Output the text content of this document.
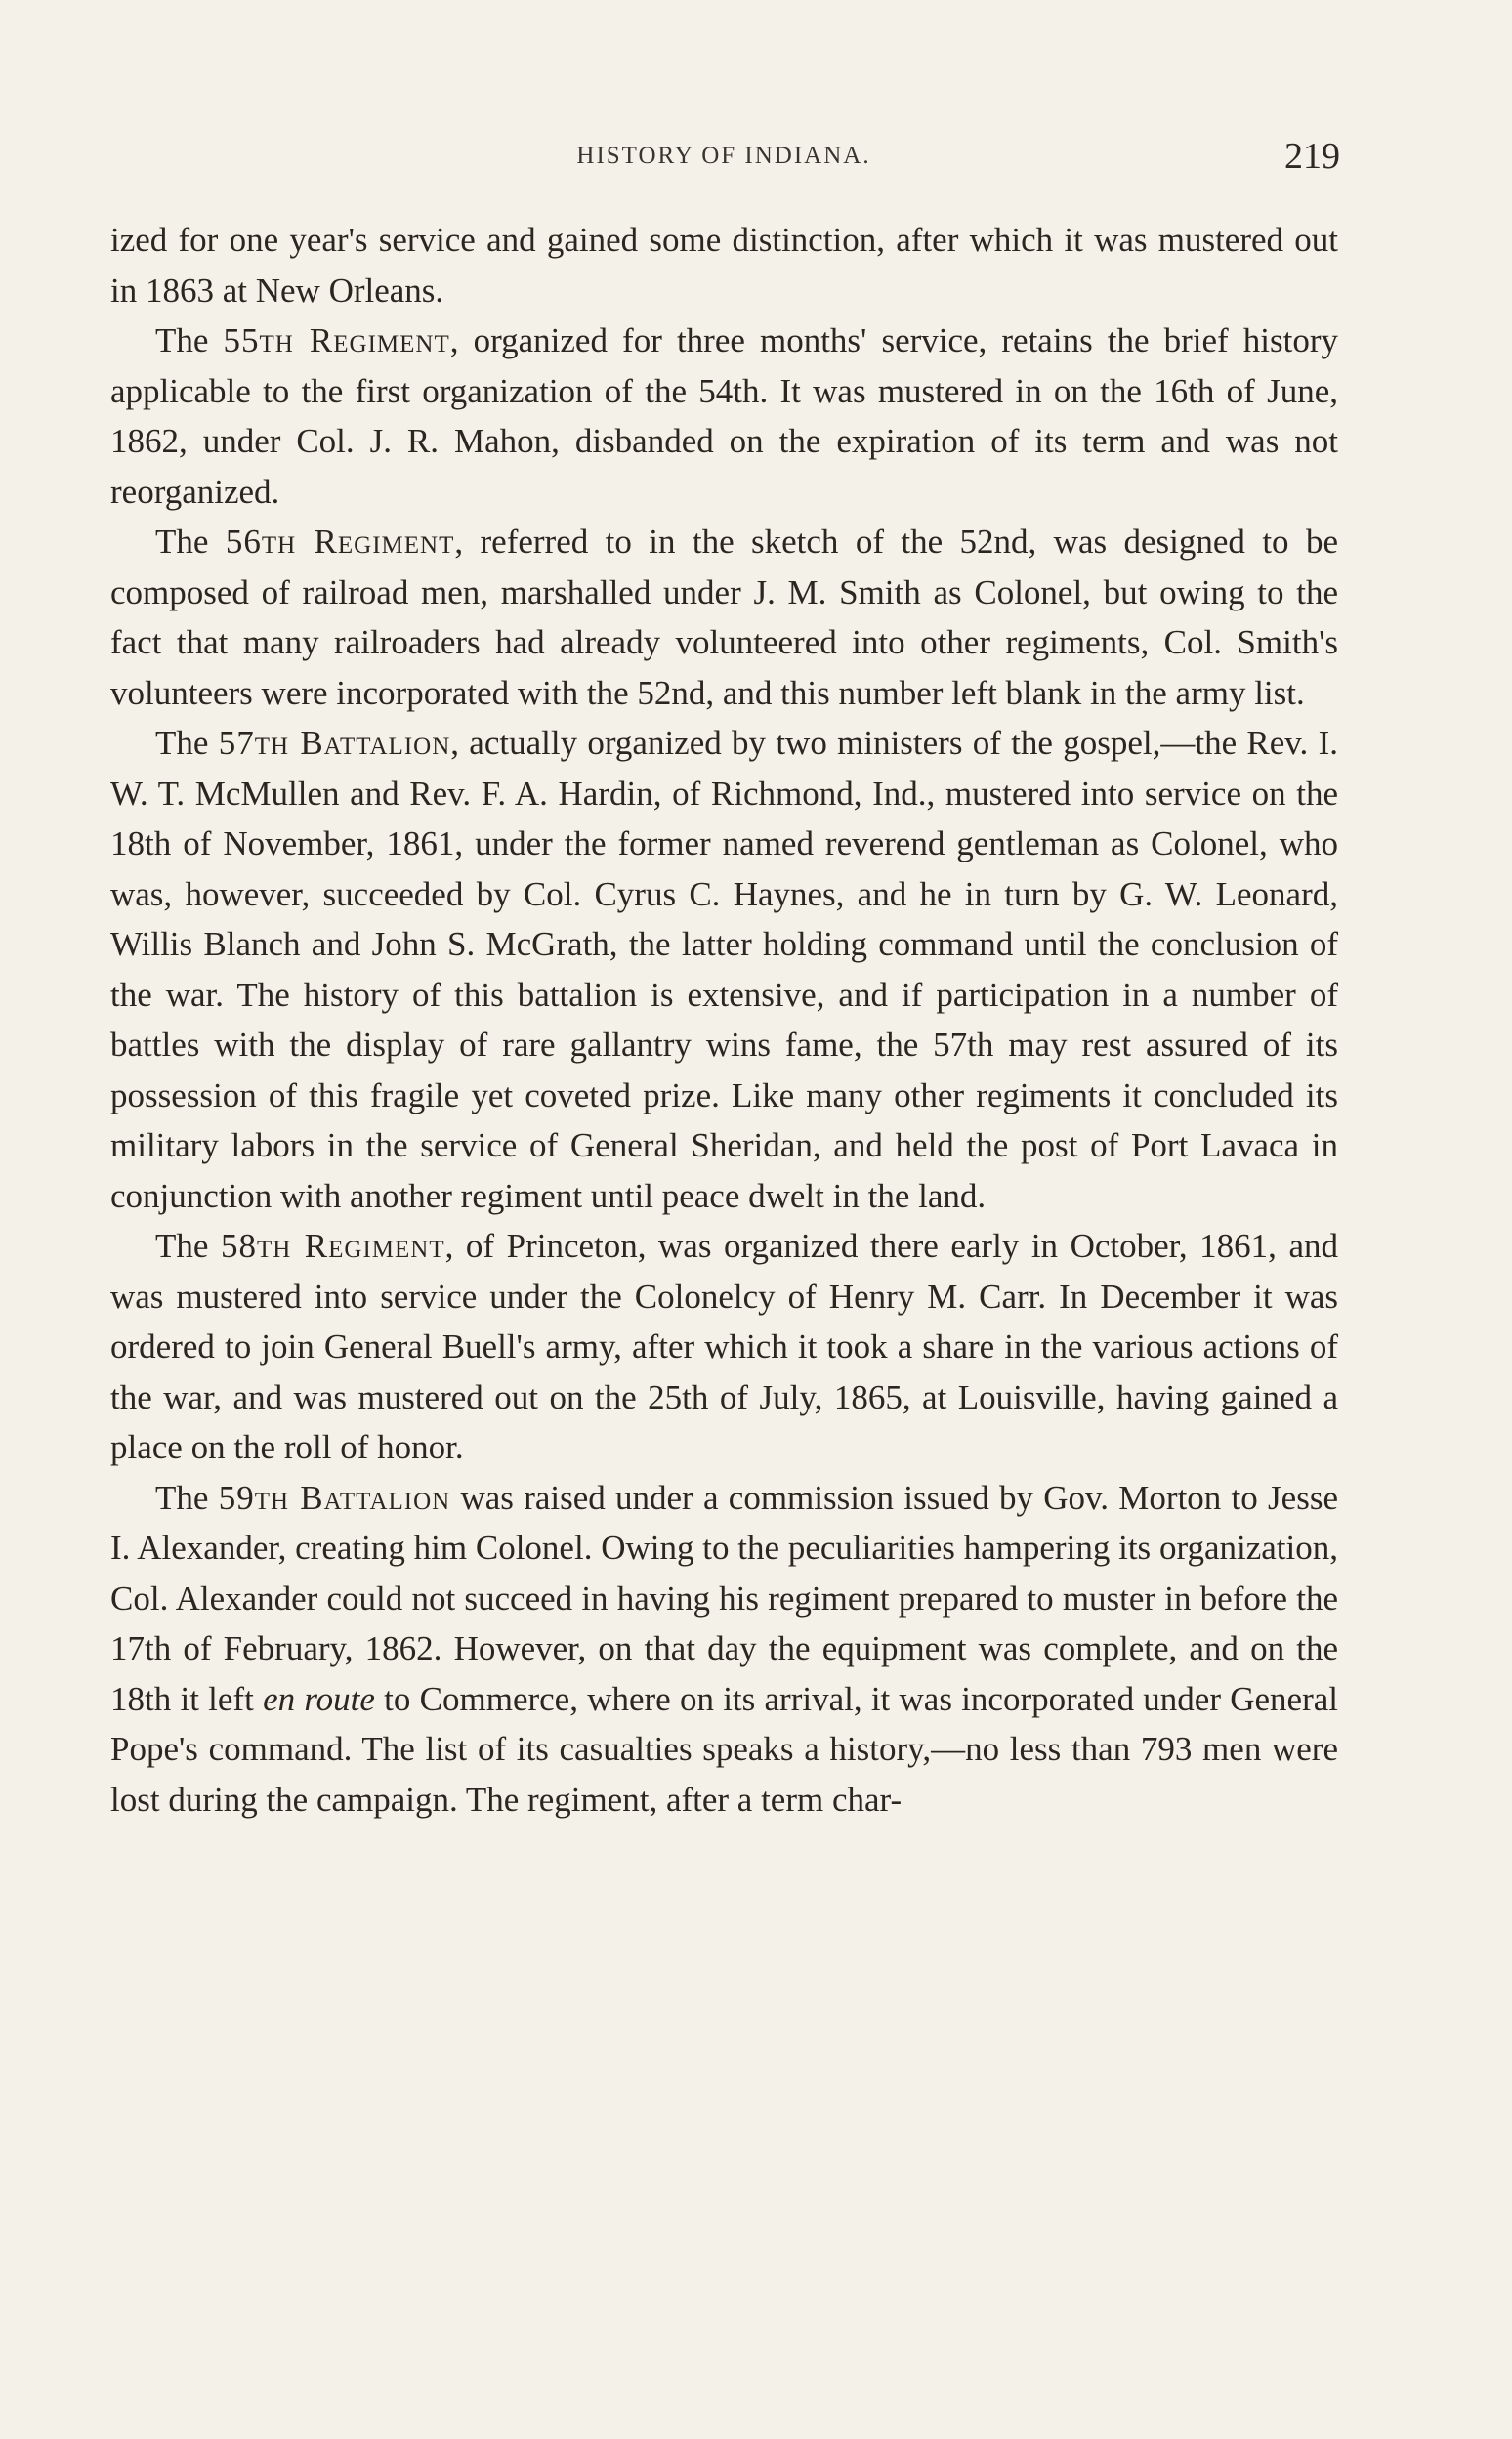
HISTORY OF INDIANA.	219

ized for one year's service and gained some distinction, after which it was mustered out in 1863 at New Orleans.

The 55th Regiment, organized for three months' service, retains the brief history applicable to the first organization of the 54th. It was mustered in on the 16th of June, 1862, under Col. J. R. Mahon, disbanded on the expiration of its term and was not reorganized.

The 56th Regiment, referred to in the sketch of the 52nd, was designed to be composed of railroad men, marshalled under J. M. Smith as Colonel, but owing to the fact that many railroaders had already volunteered into other regiments, Col. Smith's volunteers were incorporated with the 52nd, and this number left blank in the army list.

The 57th Battalion, actually organized by two ministers of the gospel,—the Rev. I. W. T. McMullen and Rev. F. A. Hardin, of Richmond, Ind., mustered into service on the 18th of November, 1861, under the former named reverend gentleman as Colonel, who was, however, succeeded by Col. Cyrus C. Haynes, and he in turn by G. W. Leonard, Willis Blanch and John S. McGrath, the latter holding command until the conclusion of the war. The history of this battalion is extensive, and if participation in a number of battles with the display of rare gallantry wins fame, the 57th may rest assured of its possession of this fragile yet coveted prize. Like many other regiments it concluded its military labors in the service of General Sheridan, and held the post of Port Lavaca in conjunction with another regiment until peace dwelt in the land.

The 58th Regiment, of Princeton, was organized there early in October, 1861, and was mustered into service under the Colonelcy of Henry M. Carr. In December it was ordered to join General Buell's army, after which it took a share in the various actions of the war, and was mustered out on the 25th of July, 1865, at Louisville, having gained a place on the roll of honor.

The 59th Battalion was raised under a commission issued by Gov. Morton to Jesse I. Alexander, creating him Colonel. Owing to the peculiarities hampering its organization, Col. Alexander could not succeed in having his regiment prepared to muster in before the 17th of February, 1862. However, on that day the equipment was complete, and on the 18th it left en route to Commerce, where on its arrival, it was incorporated under General Pope's command. The list of its casualties speaks a history,—no less than 793 men were lost during the campaign. The regiment, after a term char-
